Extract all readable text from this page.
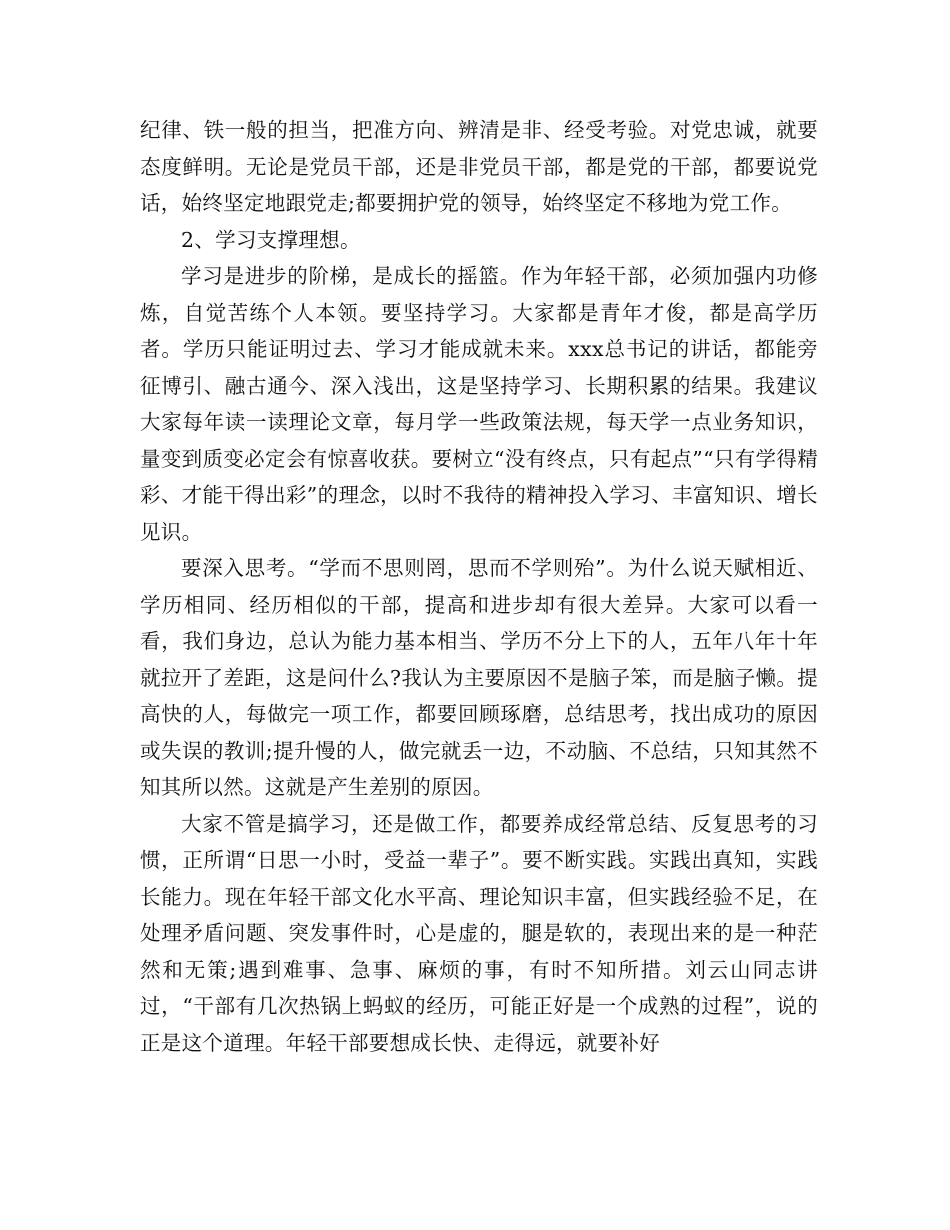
纪律、铁一般的担当，把准方向、辨清是非、经受考验。对党忠诚，就要态度鲜明。无论是党员干部，还是非党员干部，都是党的干部，都要说党话，始终坚定地跟党走;都要拥护党的领导，始终坚定不移地为党工作。

2、学习支撑理想。

学习是进步的阶梯，是成长的摇篮。作为年轻干部，必须加强内功修炼，自觉苦练个人本领。要坚持学习。大家都是青年才俊，都是高学历者。学历只能证明过去、学习才能成就未来。xxx总书记的讲话，都能旁征博引、融古通今、深入浅出，这是坚持学习、长期积累的结果。我建议大家每年读一读理论文章，每月学一些政策法规，每天学一点业务知识，量变到质变必定会有惊喜收获。要树立“没有终点，只有起点”“只有学得精彩、才能干得出彩”的理念，以时不我待的精神投入学习、丰富知识、增长见识。

要深入思考。“学而不思则罔，思而不学则殆”。为什么说天赋相近、学历相同、经历相似的干部，提高和进步却有很大差异。大家可以看一看，我们身边，总认为能力基本相当、学历不分上下的人，五年八年十年就拉开了差距，这是问什么?我认为主要原因不是脑子笨，而是脑子懒。提高快的人，每做完一项工作，都要回顾琢磨，总结思考，找出成功的原因或失误的教训;提升慢的人，做完就丢一边，不动脑、不总结，只知其然不知其所以然。这就是产生差别的原因。

大家不管是搞学习，还是做工作，都要养成经常总结、反复思考的习惯，正所谓“日思一小时，受益一辈子”。要不断实践。实践出真知，实践长能力。现在年轻干部文化水平高、理论知识丰富，但实践经验不足，在处理矛盾问题、突发事件时，心是虚的，腿是软的，表现出来的是一种茫然和无策;遇到难事、急事、麻烦的事，有时不知所措。刘云山同志讲过，“干部有几次热锅上蚂蚁的经历，可能正好是一个成熟的过程”，说的正是这个道理。年轻干部要想成长快、走得远，就要补好
